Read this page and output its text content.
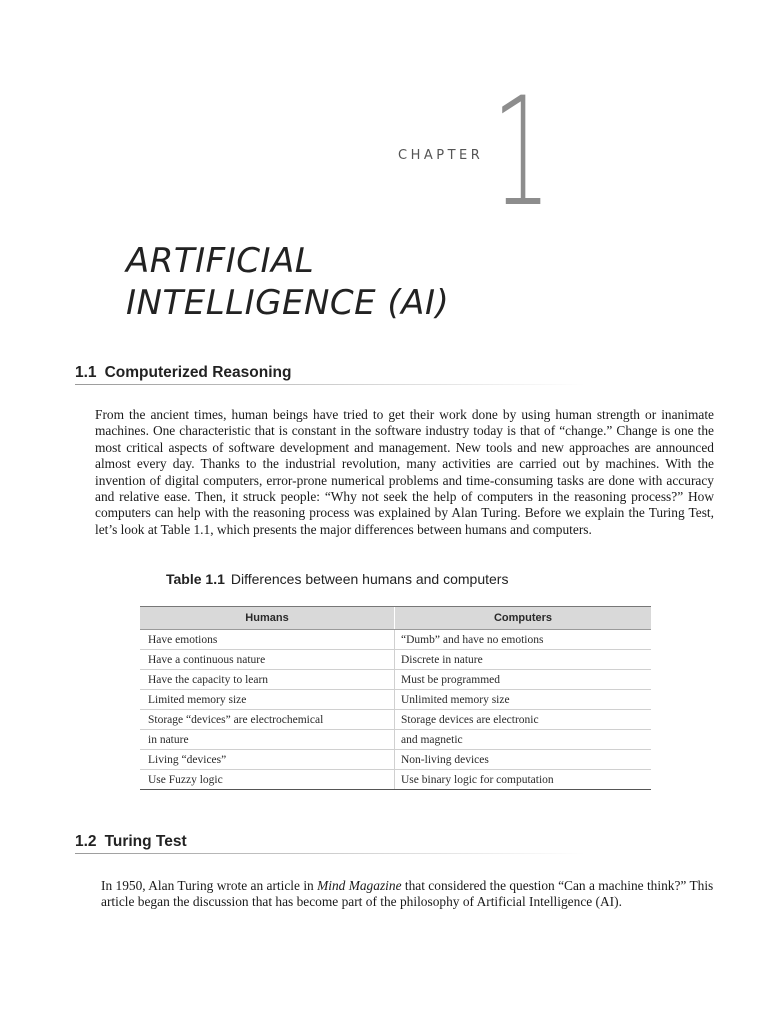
CHAPTER 1
ARTIFICIAL
INTELLIGENCE (AI)
1.1 Computerized Reasoning
From the ancient times, human beings have tried to get their work done by using human strength or inanimate machines. One characteristic that is constant in the software industry today is that of “change.” Change is one the most critical aspects of software development and management. New tools and new approaches are announced almost every day. Thanks to the industrial revolution, many activities are carried out by machines. With the invention of digital computers, error-prone numerical problems and time-consuming tasks are done with accuracy and relative ease. Then, it struck people: “Why not seek the help of computers in the reasoning process?” How computers can help with the reasoning process was explained by Alan Turing. Before we explain the Turing Test, let’s look at Table 1.1, which presents the major differences between humans and computers.
Table 1.1 Differences between humans and computers
Humans	Computers
Have emotions	“Dumb” and have no emotions
Have a continuous nature	Discrete in nature
Have the capacity to learn	Must be programmed
Limited memory size	Unlimited memory size
Storage “devices” are electrochemical	Storage devices are electronic
in nature	and magnetic
Living “devices”	Non-living devices
Use Fuzzy logic	Use binary logic for computation
1.2 Turing Test
In 1950, Alan Turing wrote an article in Mind Magazine that considered the question “Can a machine think?” This article began the discussion that has become part of the philosophy of Artificial Intelligence (AI).
